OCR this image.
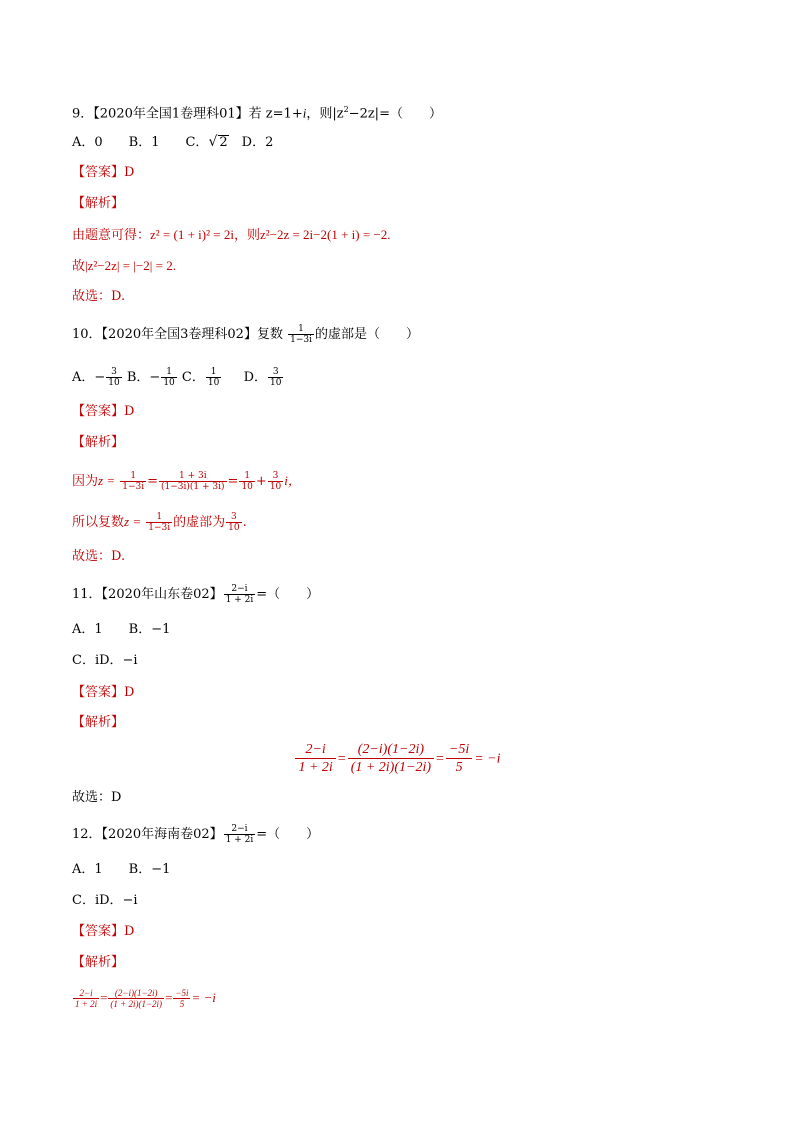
9．【2020年全国1卷理科01】若 z=1+i，则$|z^2-2z|=$（　　）
A．0　　B．1　　C．√ 2　D．2
【答案】D
【解析】
由题意可得：z² = (1 + i)² = 2i，则z²−2z = 2i−2(1 + i) = −2.
故|z²−2z| = |−2| = 2.
故选：D.
10．【2020年全国3卷理科02】复数 $\frac{1}{1-3i}$ 的虚部是（　　）
A．− $\frac{3}{10}$ B．− $\frac{1}{10}$ C． $\frac{1}{10}$ 　 D． $\frac{3}{10}$
【答案】D
【解析】
因为$z = \frac{1}{1-3i} = \frac{1 + 3i}{(1-3i)(1 + 3i)} = \frac{1}{10} + \frac{3}{10}$ i，
所以复数$z = \frac{1}{1-3i}$ 的虚部为 $\frac{3}{10}$ .
故选：D.
11．【2020年山东卷02】 $\frac{2-i}{1 + 2i}$ =（　　）
A．1　　B．−1
C．iD．−i
【答案】D
【解析】
$\frac{2-i}{1 + 2i} = \frac{(2-i)(1-2i)}{(1 + 2i)(1-2i)} = \frac{-5i}{5} = -i$
故选：D
12．【2020年海南卷02】 $\frac{2-i}{1 + 2i}$ =（　　）
A．1　　B．−1
C．iD．−i
【答案】D
【解析】
$\frac{2-i}{1 + 2i} = \frac{(2-i)(1-2i)}{(1 + 2i)(1-2i)} = \frac{-5i}{5} = -i$
